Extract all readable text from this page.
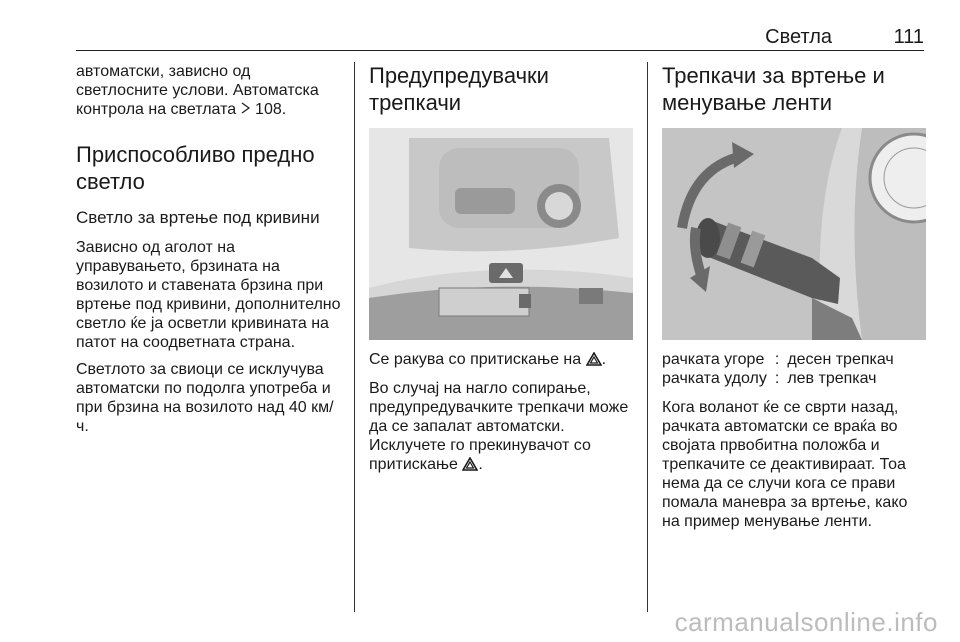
Светла	111

автоматски, зависно од светлосните услови. Автоматска контрола на светлата 108.

Приспособливо предно светло
Светло за вртење под кривини

Зависно од аголот на управувањето, брзината на возилото и ставената брзина при вртење под кривини, дополнително светло ќе ја осветли кривината на патот на соодветната страна.

Светлото за свиоци се исклучува автоматски по подолга употреба и при брзина на возилото над 40 км/ч.

Предупредувачки трепкачи

Се ракува со притискање на .

Во случај на нагло сопирање, предупредувачките трепкачи може да се запалат автоматски.
Исклучете го прекинувачот со притискање .

Трепкачи за вртење и менување ленти
рачката угоре	:	десен трепкач
рачката удолу	:	лев трепкач

Кога воланот ќе се сврти назад, рачката автоматски се враќа во својата првобитна положба и трепкачите се деактивираат. Тоа нема да се случи кога се прави помала маневра за вртење, како на пример менување ленти.

carmanualsonline.info
